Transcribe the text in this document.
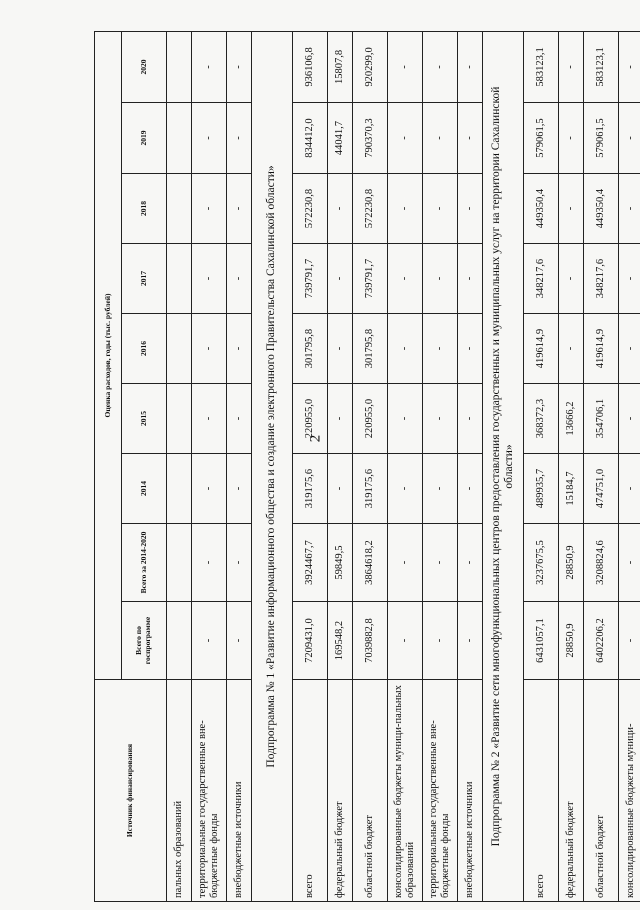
2
Источник финансирования	Оценка расходов, годы (тыс. рублей)								
	Всего по госпрограмме	Всего за 2014-2020	2014	2015	2016	2017	2018	2019	2020
пальных образований									
территориальные государственные вне-бюджетные фонды	-	-	-	-	-	-	-	-	-
внебюджетные источники	-	-	-	-	-	-	-	-	-
Подпрограмма № 1 «Развитие информационного общества и создание электронного Правительства Сахалинской области»									
всего	7209431,0	3924467,7	319175,6	220955,0	301795,8	739791,7	572230,8	834412,0	936106,8
федеральный бюджет	169548,2	59849,5	-	-	-	-	-	44041,7	15807,8
областной бюджет	7039882,8	3864618,2	319175,6	220955,0	301795,8	739791,7	572230,8	790370,3	920299,0
консолидированные бюджеты муници-пальных образований	-	-	-	-	-	-	-	-	-
территориальные государственные вне-бюджетные фонды	-	-	-	-	-	-	-	-	-
внебюджетные источники	-	-	-	-	-	-	-	-	-
Подпрограмма № 2 «Развитие сети многофункциональных центров предоставления государственных и муниципальных услуг на территории Сахалинской области»									
всего	6431057,1	3237675,5	489935,7	368372,3	419614,9	348217,6	449350,4	579061,5	583123,1
федеральный бюджет	28850,9	28850,9	15184,7	13666,2	-	-	-	-	-
областной бюджет	6402206,2	3208824,6	474751,0	354706,1	419614,9	348217,6	449350,4	579061,5	583123,1
консолидированные бюджеты муници-	-	-	-	-	-	-	-	-	-
